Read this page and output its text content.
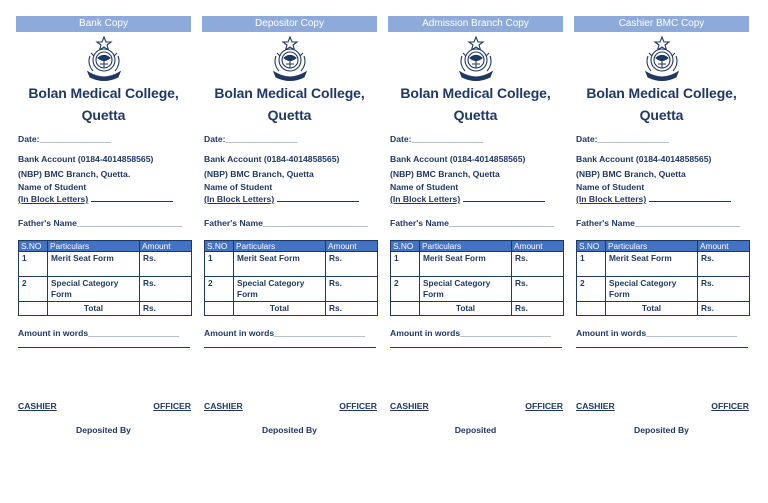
Bank Copy
Bolan Medical College,
Quetta
Date:_______________
Bank Account (0184-4014858565)
(NBP) BMC Branch, Quetta.
Name of Student
(In Block Letters)
Father's Name______________________
S.NO	Particulars	Amount
1	Merit Seat Form	Rs.
2	Special Category Form	Rs.
	Total	Rs.
Amount in words___________________
CASHIER	OFFICER
Deposited By
Depositor Copy
Bolan Medical College,
Quetta
Date:_______________
Bank Account (0184-4014858565)
(NBP) BMC Branch, Quetta
Name of Student
(In Block Letters)
Father's Name______________________
S.NO	Particulars	Amount
1	Merit Seat Form	Rs.
2	Special Category Form	Rs.
	Total	Rs.
Amount in words___________________
CASHIER	OFFICER
Deposited By
Admission Branch Copy
Bolan Medical College,
Quetta
Date:_______________
Bank Account (0184-4014858565)
(NBP) BMC Branch, Quetta
Name of Student
(In Block Letters)
Father's Name______________________
S.NO	Particulars	Amount
1	Merit Seat Form	Rs.
2	Special Category Form	Rs.
	Total	Rs.
Amount in words___________________
CASHIER	OFFICER
Deposited
Cashier BMC Copy
Bolan Medical College,
Quetta
Date:_______________
Bank Account (0184-4014858565)
(NBP) BMC Branch, Quetta
Name of Student
(In Block Letters)
Father's Name______________________
S.NO	Particulars	Amount
1	Merit Seat Form	Rs.
2	Special Category Form	Rs.
	Total	Rs.
Amount in words___________________
CASHIER	OFFICER
Deposited By
